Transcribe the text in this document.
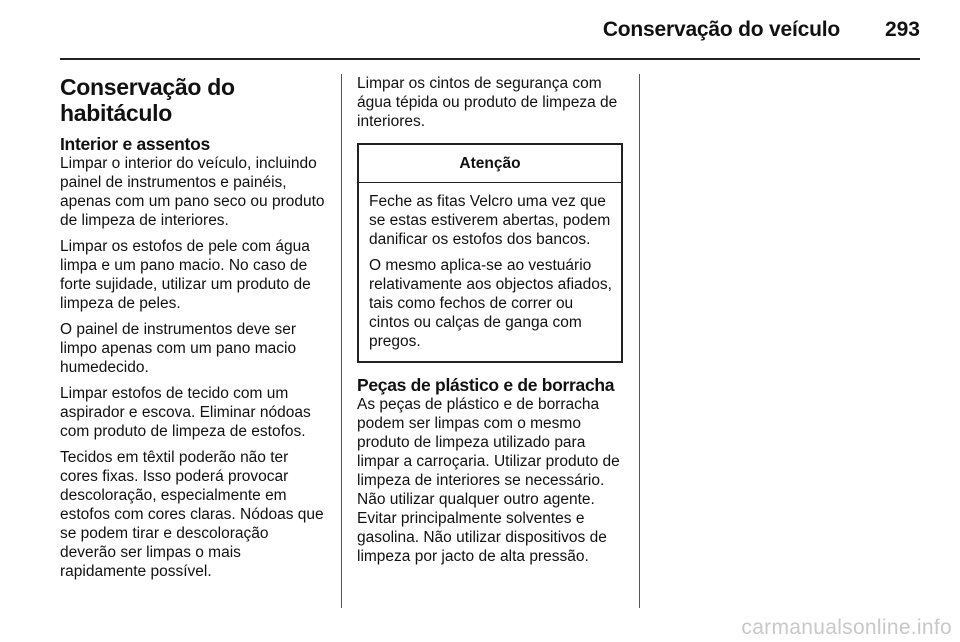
Conservação do veículo 293
Conservação do habitáculo
Interior e assentos

Limpar o interior do veículo, incluindo painel de instrumentos e painéis, apenas com um pano seco ou produto de limpeza de interiores.

Limpar os estofos de pele com água limpa e um pano macio. No caso de forte sujidade, utilizar um produto de limpeza de peles.

O painel de instrumentos deve ser limpo apenas com um pano macio humedecido.

Limpar estofos de tecido com um aspirador e escova. Eliminar nódoas com produto de limpeza de estofos.

Tecidos em têxtil poderão não ter cores fixas. Isso poderá provocar descoloração, especialmente em estofos com cores claras. Nódoas que se podem tirar e descoloração deverão ser limpas o mais rapidamente possível.

Limpar os cintos de segurança com água tépida ou produto de limpeza de interiores.

Atenção

Feche as fitas Velcro uma vez que se estas estiverem abertas, podem danificar os estofos dos bancos.

O mesmo aplica-se ao vestuário relativamente aos objectos afiados, tais como fechos de correr ou cintos ou calças de ganga com pregos.

Peças de plástico e de borracha

As peças de plástico e de borracha podem ser limpas com o mesmo produto de limpeza utilizado para limpar a carroçaria. Utilizar produto de limpeza de interiores se necessário. Não utilizar qualquer outro agente. Evitar principalmente solventes e gasolina. Não utilizar dispositivos de limpeza por jacto de alta pressão.

carmanualsonline.info
